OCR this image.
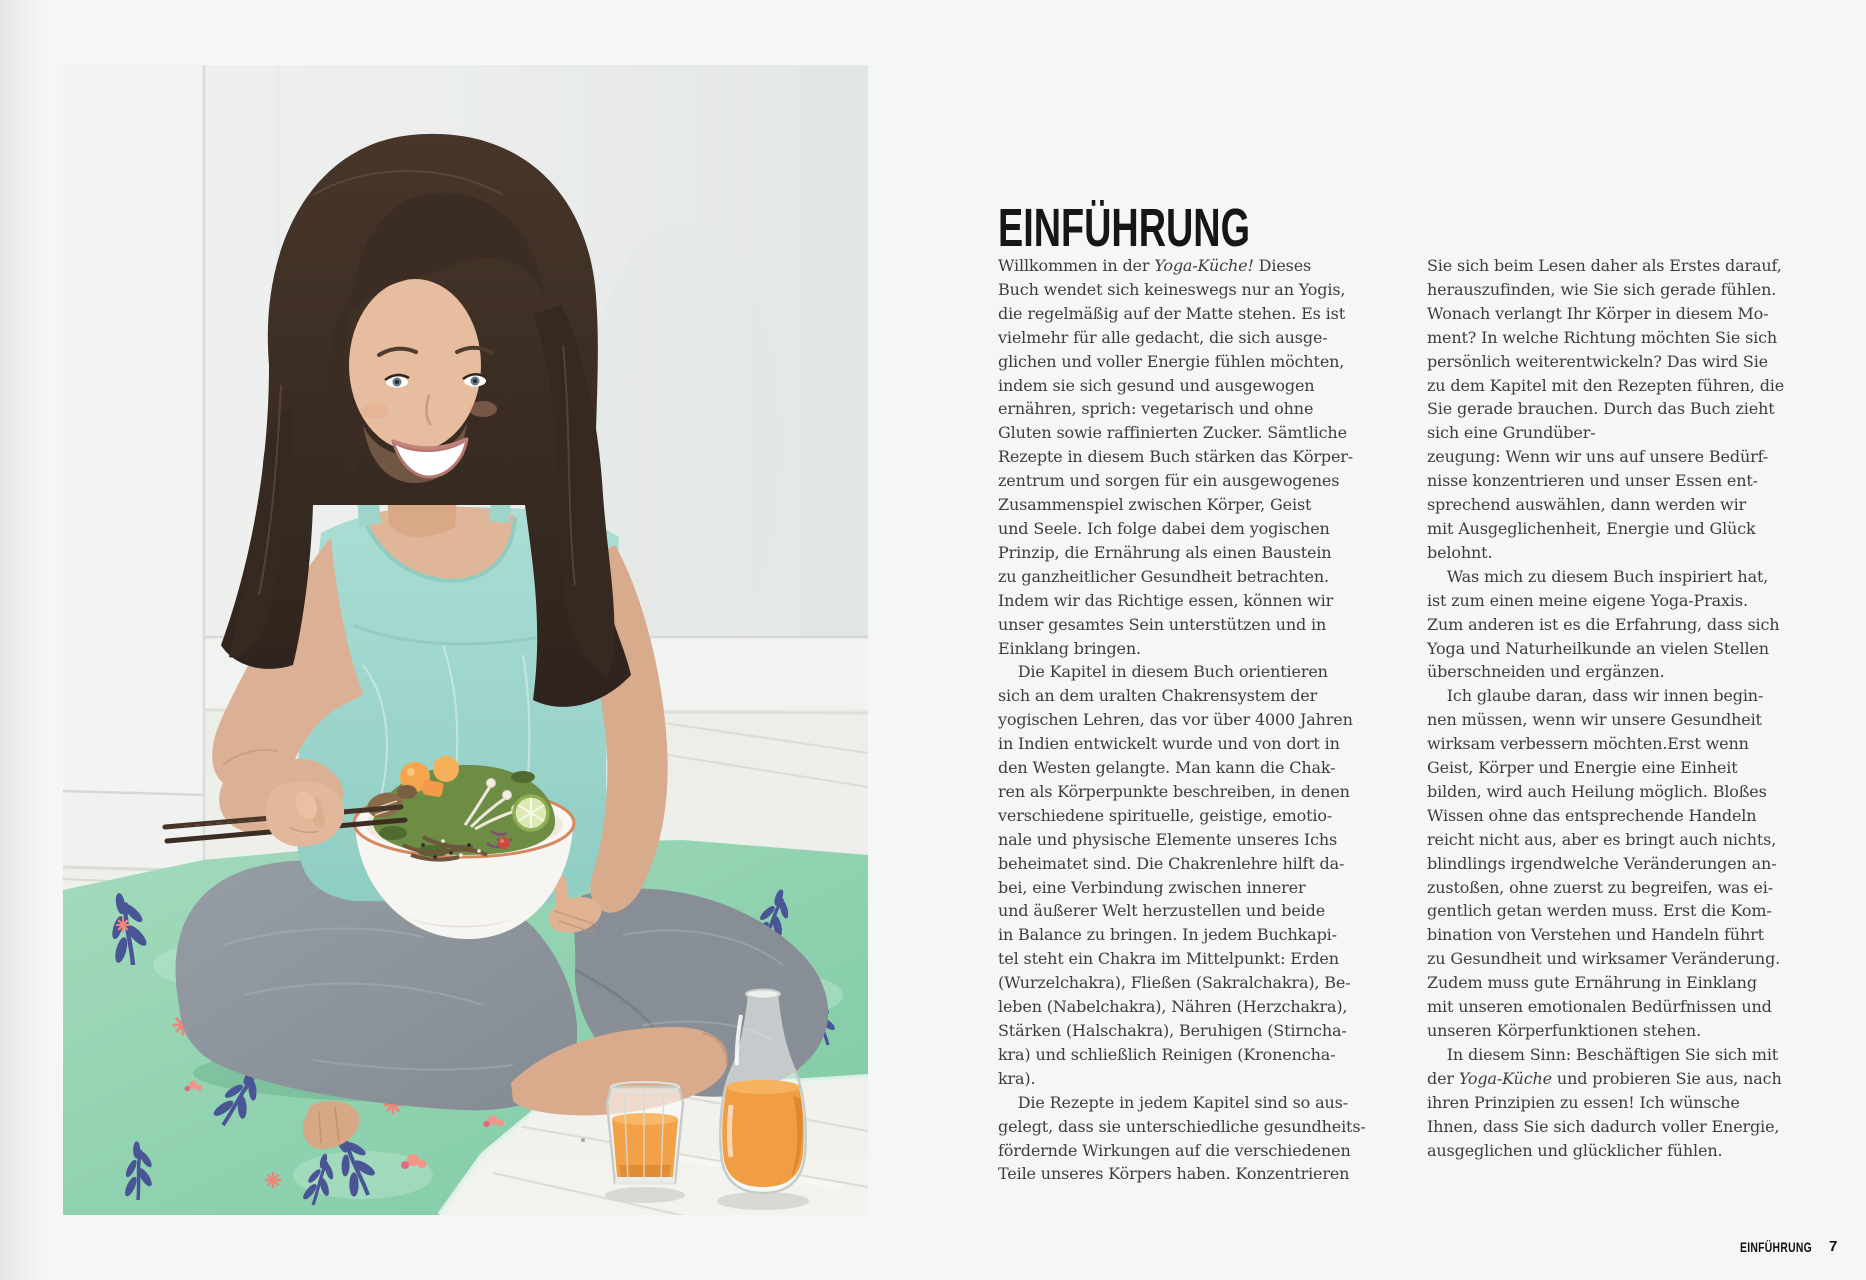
EINFÜHRUNG
Willkommen in der Yoga-Küche! Dieses
Buch wendet sich keineswegs nur an Yogis,
die regelmäßig auf der Matte stehen. Es ist
vielmehr für alle gedacht, die sich ausge-
glichen und voller Energie fühlen möchten,
indem sie sich gesund und ausgewogen
ernähren, sprich: vegetarisch und ohne
Gluten sowie raffinierten Zucker. Sämtliche
Rezepte in diesem Buch stärken das Körper-
zentrum und sorgen für ein ausgewogenes
Zusammenspiel zwischen Körper, Geist
und Seele. Ich folge dabei dem yogischen
Prinzip, die Ernährung als einen Baustein
zu ganzheitlicher Gesundheit betrachten.
Indem wir das Richtige essen, können wir
unser gesamtes Sein unterstützen und in
Einklang bringen.
Die Kapitel in diesem Buch orientieren
sich an dem uralten Chakrensystem der
yogischen Lehren, das vor über 4000 Jahren
in Indien entwickelt wurde und von dort in
den Westen gelangte. Man kann die Chak-
ren als Körperpunkte beschreiben, in denen
verschiedene spirituelle, geistige, emotio-
nale und physische Elemente unseres Ichs
beheimatet sind. Die Chakrenlehre hilft da-
bei, eine Verbindung zwischen innerer
und äußerer Welt herzustellen und beide
in Balance zu bringen. In jedem Buchkapi-
tel steht ein Chakra im Mittelpunkt: Erden
(Wurzelchakra), Fließen (Sakralchakra), Be-
leben (Nabelchakra), Nähren (Herzchakra),
Stärken (Halschakra), Beruhigen (Stirncha-
kra) und schließlich Reinigen (Kronencha-
kra).
Die Rezepte in jedem Kapitel sind so aus-
gelegt, dass sie unterschiedliche gesundheits-
fördernde Wirkungen auf die verschiedenen
Teile unseres Körpers haben. Konzentrieren
Sie sich beim Lesen daher als Erstes darauf,
herauszufinden, wie Sie sich gerade fühlen.
Wonach verlangt Ihr Körper in diesem Mo-
ment? In welche Richtung möchten Sie sich
persönlich weiterentwickeln? Das wird Sie
zu dem Kapitel mit den Rezepten führen, die
Sie gerade brauchen. Durch das Buch zieht
sich eine Grundüber-
zeugung: Wenn wir uns auf unsere Bedürf-
nisse konzentrieren und unser Essen ent-
sprechend auswählen, dann werden wir
mit Ausgeglichenheit, Energie und Glück
belohnt.
Was mich zu diesem Buch inspiriert hat,
ist zum einen meine eigene Yoga-Praxis.
Zum anderen ist es die Erfahrung, dass sich
Yoga und Naturheilkunde an vielen Stellen
überschneiden und ergänzen.
Ich glaube daran, dass wir innen begin-
nen müssen, wenn wir unsere Gesundheit
wirksam verbessern möchten.Erst wenn
Geist, Körper und Energie eine Einheit
bilden, wird auch Heilung möglich. Bloßes
Wissen ohne das entsprechende Handeln
reicht nicht aus, aber es bringt auch nichts,
blindlings irgendwelche Veränderungen an-
zustoßen, ohne zuerst zu begreifen, was ei-
gentlich getan werden muss. Erst die Kom-
bination von Verstehen und Handeln führt
zu Gesundheit und wirksamer Veränderung.
Zudem muss gute Ernährung in Einklang
mit unseren emotionalen Bedürfnissen und
unseren Körperfunktionen stehen.
In diesem Sinn: Beschäftigen Sie sich mit
der Yoga-Küche und probieren Sie aus, nach
ihren Prinzipien zu essen! Ich wünsche
Ihnen, dass Sie sich dadurch voller Energie,
ausgeglichen und glücklicher fühlen.
EINFÜHRUNG 7
